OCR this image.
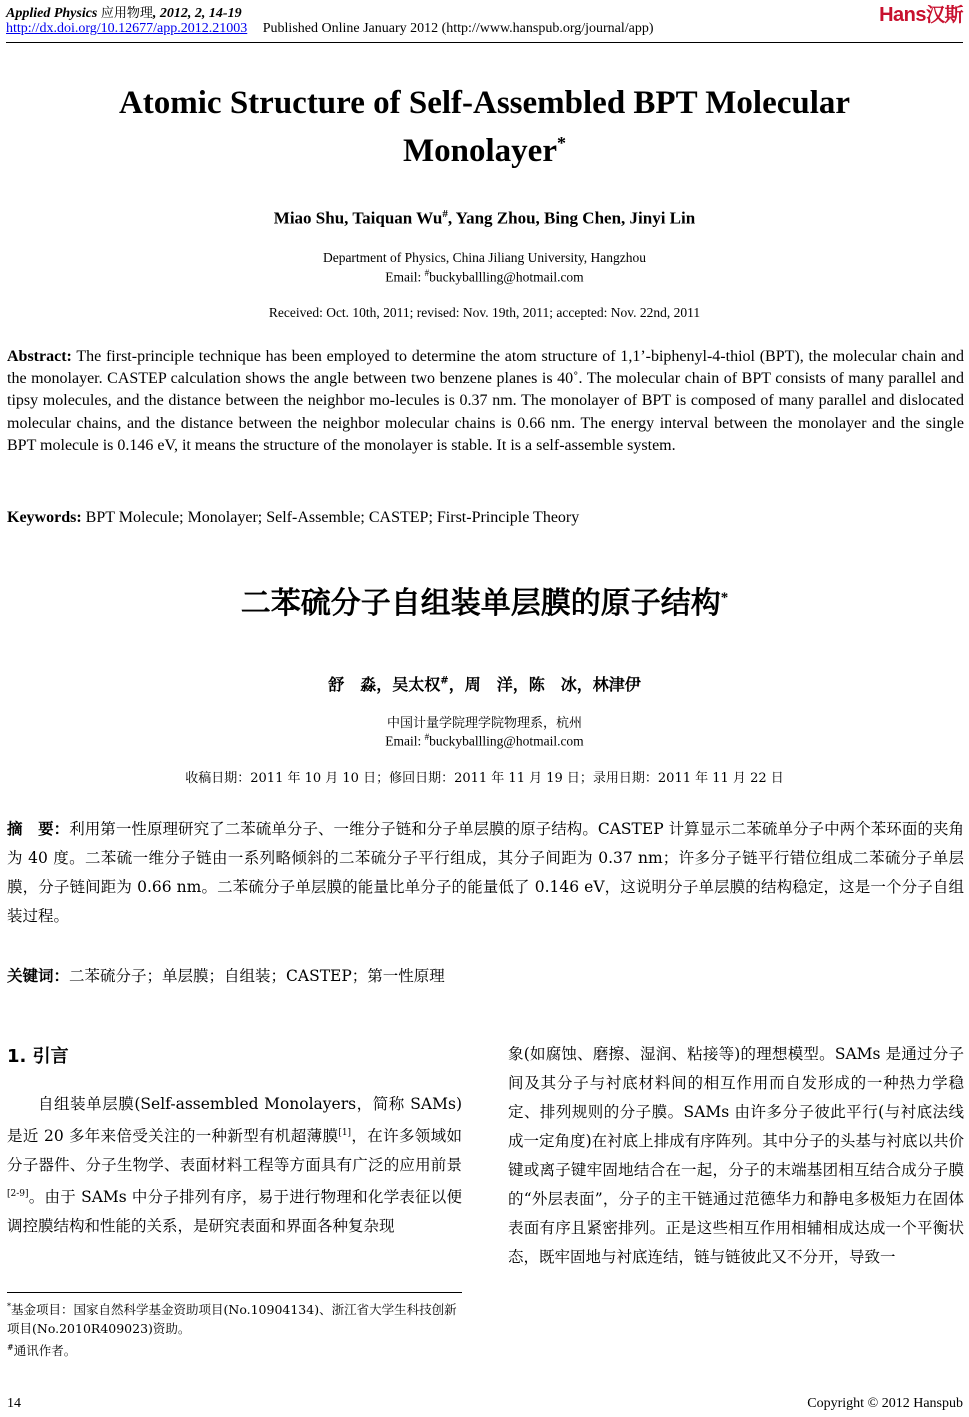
Applied Physics 应用物理, 2012, 2, 14-19
http://dx.doi.org/10.12677/app.2012.21003 Published Online January 2012 (http://www.hanspub.org/journal/app)
Hans汉斯
Atomic Structure of Self-Assembled BPT Molecular
Monolayer*
Miao Shu, Taiquan Wu#, Yang Zhou, Bing Chen, Jinyi Lin
Department of Physics, China Jiliang University, Hangzhou
Email: #buckyballling@hotmail.com
Received: Oct. 10th, 2011; revised: Nov. 19th, 2011; accepted: Nov. 22nd, 2011
Abstract: The first-principle technique has been employed to determine the atom structure of 1,1’-biphenyl-4-thiol (BPT), the molecular chain and the monolayer. CASTEP calculation shows the angle between two benzene planes is 40˚. The molecular chain of BPT consists of many parallel and tipsy molecules, and the distance between the neighbor mo-lecules is 0.37 nm. The monolayer of BPT is composed of many parallel and dislocated molecular chains, and the distance between the neighbor molecular chains is 0.66 nm. The energy interval between the monolayer and the single BPT molecule is 0.146 eV, it means the structure of the monolayer is stable. It is a self-assemble system.
Keywords: BPT Molecule; Monolayer; Self-Assemble; CASTEP; First-Principle Theory
二苯硫分子自组装单层膜的原子结构*
舒　淼，吴太权#，周　洋，陈　冰，林津伊
中国计量学院理学院物理系，杭州
Email: #buckyballling@hotmail.com
收稿日期：2011 年 10 月 10 日；修回日期：2011 年 11 月 19 日；录用日期：2011 年 11 月 22 日
摘　要：利用第一性原理研究了二苯硫单分子、一维分子链和分子单层膜的原子结构。CASTEP 计算显示二苯硫单分子中两个苯环面的夹角为 40 度。二苯硫一维分子链由一系列略倾斜的二苯硫分子平行组成，其分子间距为 0.37 nm；许多分子链平行错位组成二苯硫分子单层膜，分子链间距为 0.66 nm。二苯硫分子单层膜的能量比单分子的能量低了 0.146 eV，这说明分子单层膜的结构稳定，这是一个分子自组装过程。
关键词：二苯硫分子；单层膜；自组装；CASTEP；第一性原理
1. 引言
自组装单层膜(Self-assembled Monolayers，简称 SAMs)是近 20 多年来倍受关注的一种新型有机超薄膜[1]，在许多领域如分子器件、分子生物学、表面材料工程等方面具有广泛的应用前景[2-9]。由于 SAMs 中分子排列有序，易于进行物理和化学表征以便调控膜结构和性能的关系，是研究表面和界面各种复杂现
象(如腐蚀、磨擦、湿润、粘接等)的理想模型。SAMs 是通过分子间及其分子与衬底材料间的相互作用而自发形成的一种热力学稳定、排列规则的分子膜。SAMs 由许多分子彼此平行(与衬底法线成一定角度)在衬底上排成有序阵列。其中分子的头基与衬底以共价键或离子键牢固地结合在一起，分子的末端基团相互结合成分子膜的“外层表面”，分子的主干链通过范德华力和静电多极矩力在固体表面有序且紧密排列。正是这些相互作用相辅相成达成一个平衡状态，既牢固地与衬底连结，链与链彼此又不分开，导致一
*基金项目：国家自然科学基金资助项目(No.10904134)、浙江省大学生科技创新项目(No.2010R409023)资助。
#通讯作者。
14	Copyright © 2012 Hanspub
